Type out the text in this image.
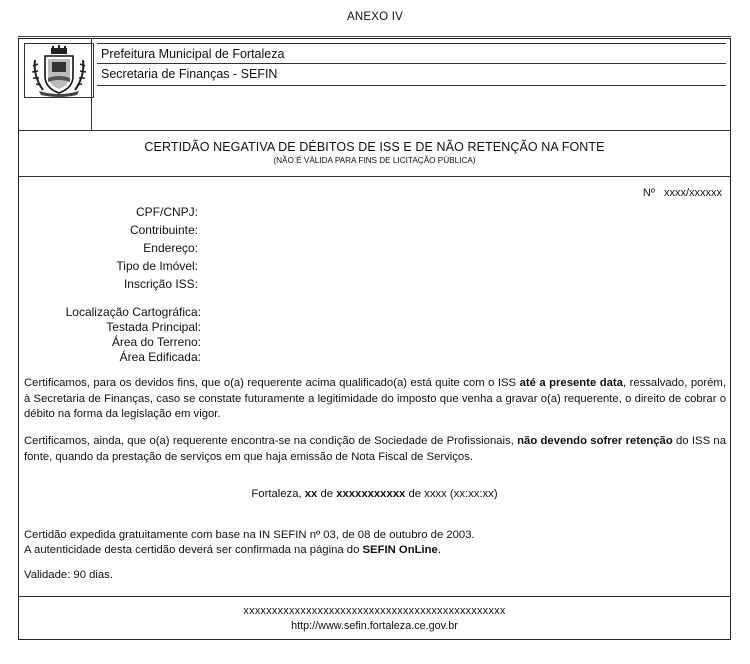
ANEXO IV
Prefeitura Municipal de Fortaleza
Secretaria de Finanças - SEFIN
CERTIDÃO NEGATIVA DE DÉBITOS DE ISS E DE NÃO RETENÇÃO NA FONTE
(NÃO É VÁLIDA PARA FINS DE LICITAÇÃO PÚBLICA)
Nº xxxx/xxxxxx
CPF/CNPJ:
Contribuinte:
Endereço:
Tipo de Imóvel:
Inscrição ISS:
Localização Cartográfica:
Testada Principal:
Área do Terreno:
Área Edificada:
Certificamos, para os devidos fins, que o(a) requerente acima qualificado(a) está quite com o ISS até a presente data, ressalvado, porém, à Secretaria de Finanças, caso se constate futuramente a legitimidade do imposto que venha a gravar o(a) requerente, o direito de cobrar o débito na forma da legislação em vigor.
Certificamos, ainda, que o(a) requerente encontra-se na condição de Sociedade de Profissionais, não devendo sofrer retenção do ISS na fonte, quando da prestação de serviços em que haja emissão de Nota Fiscal de Serviços.
Fortaleza, xx de xxxxxxxxxxx de xxxx (xx:xx:xx)
Certidão expedida gratuitamente com base na IN SEFIN nº 03, de 08 de outubro de 2003.
A autenticidade desta certidão deverá ser confirmada na página do SEFIN OnLine.
Validade: 90 dias.
xxxxxxxxxxxxxxxxxxxxxxxxxxxxxxxxxxxxxxxxxxxxxx
http://www.sefin.fortaleza.ce.gov.br
